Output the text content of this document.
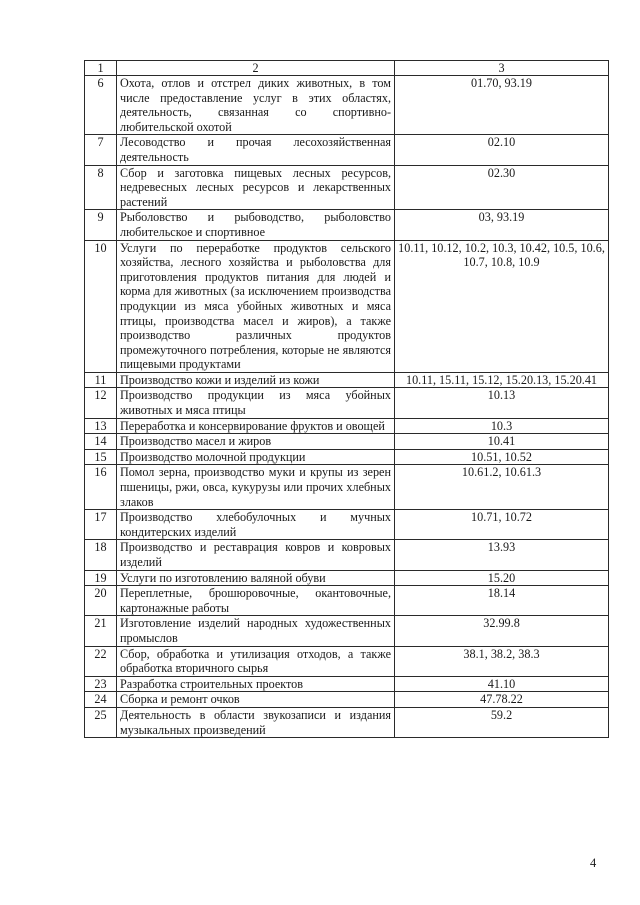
1	2	3
6	Охота, отлов и отстрел диких животных, в том числе предоставление услуг в этих областях, деятельность, связанная со спортивно-любительской охотой	01.70, 93.19
7	Лесоводство и прочая лесохозяйственная деятельность	02.10
8	Сбор и заготовка пищевых лесных ресурсов, недревесных лесных ресурсов и лекарственных растений	02.30
9	Рыболовство и рыбоводство, рыболовство любительское и спортивное	03, 93.19
10	Услуги по переработке продуктов сельского хозяйства, лесного хозяйства и рыболовства для приготовления продуктов питания для людей и корма для животных (за исключением производства продукции из мяса убойных животных и мяса птицы, производства масел и жиров), а также производство различных продуктов промежуточного потребления, которые не являются пищевыми продуктами	10.11, 10.12, 10.2, 10.3, 10.42, 10.5, 10.6, 10.7, 10.8, 10.9
11	Производство кожи и изделий из кожи	10.11, 15.11, 15.12, 15.20.13, 15.20.41
12	Производство продукции из мяса убойных животных и мяса птицы	10.13
13	Переработка и консервирование фруктов и овощей	10.3
14	Производство масел и жиров	10.41
15	Производство молочной продукции	10.51, 10.52
16	Помол зерна, производство муки и крупы из зерен пшеницы, ржи, овса, кукурузы или прочих хлебных злаков	10.61.2, 10.61.3
17	Производство хлебобулочных и мучных кондитерских изделий	10.71, 10.72
18	Производство и реставрация ковров и ковровых изделий	13.93
19	Услуги по изготовлению валяной обуви	15.20
20	Переплетные, брошюровочные, окантовочные, картонажные работы	18.14
21	Изготовление изделий народных художественных промыслов	32.99.8
22	Сбор, обработка и утилизация отходов, а также обработка вторичного сырья	38.1, 38.2, 38.3
23	Разработка строительных проектов	41.10
24	Сборка и ремонт очков	47.78.22
25	Деятельность в области звукозаписи и издания музыкальных произведений	59.2
4
